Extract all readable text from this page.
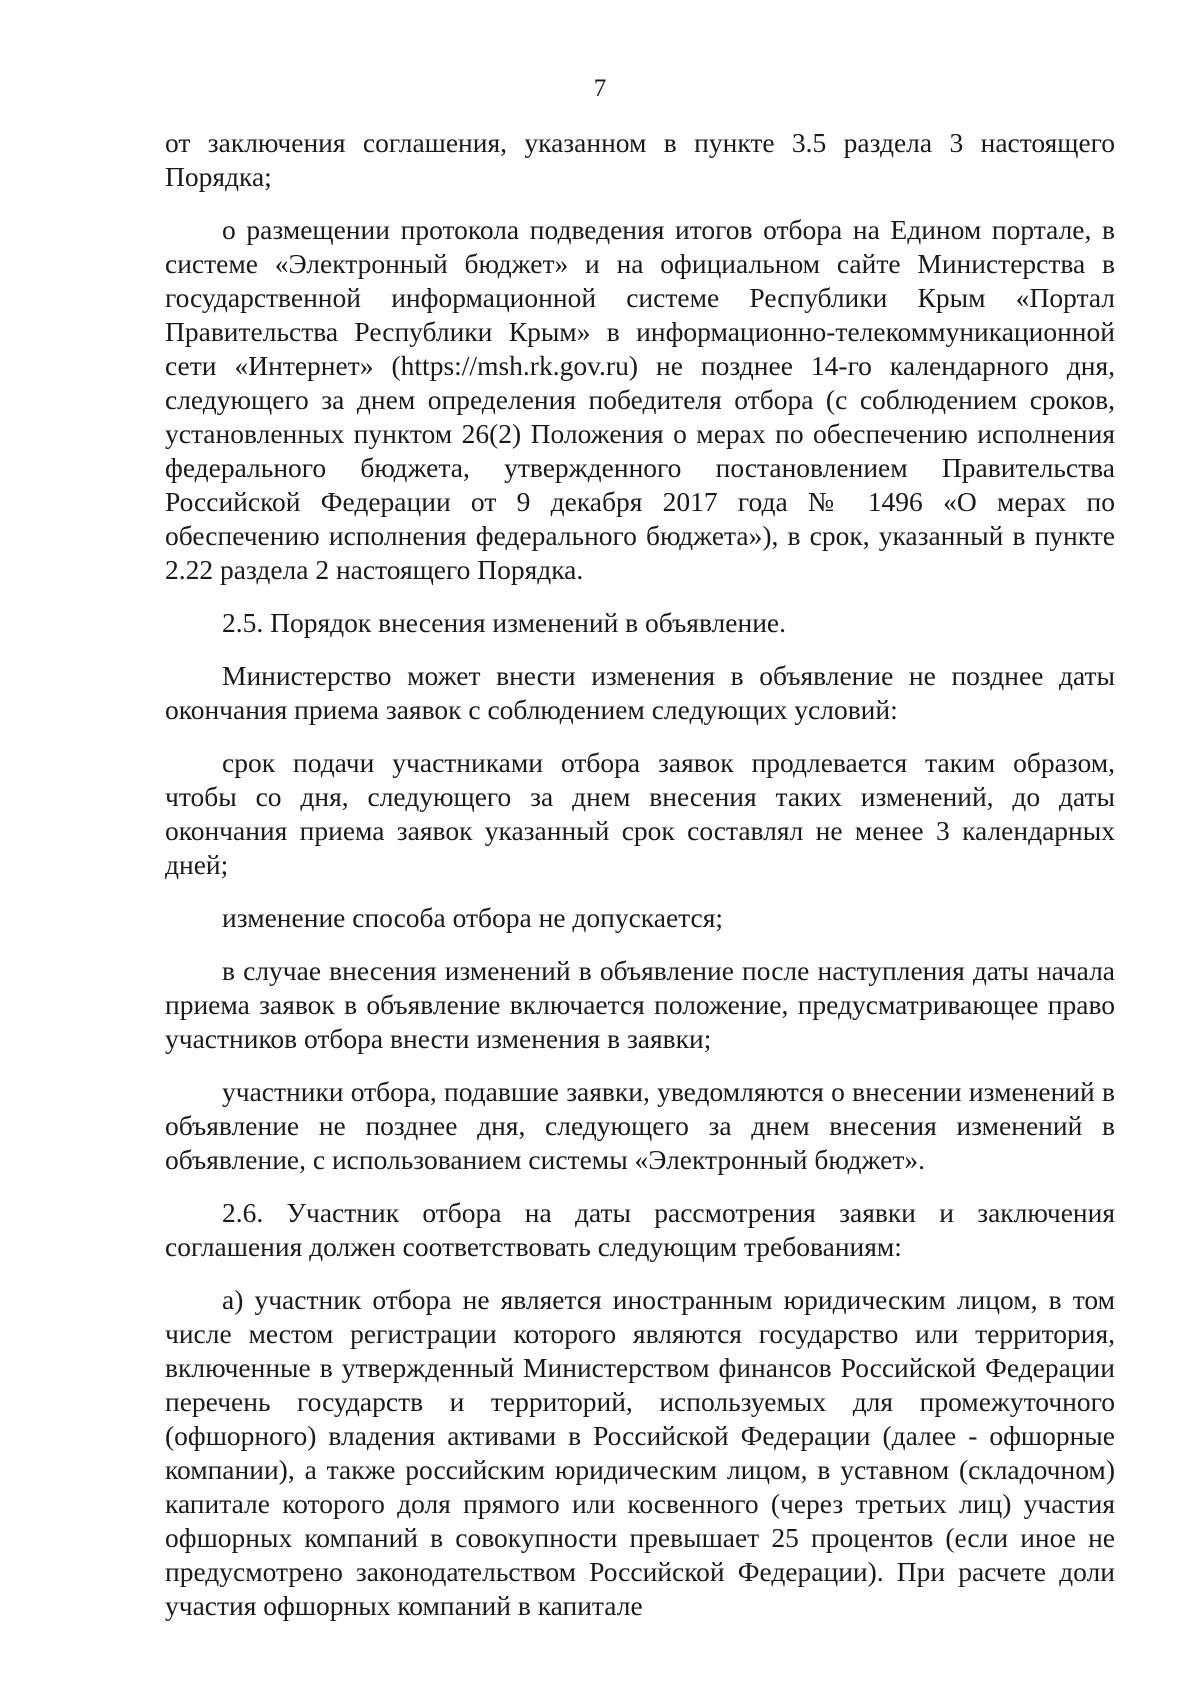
7

от заключения соглашения, указанном в пункте 3.5 раздела 3 настоящего Порядка;

о размещении протокола подведения итогов отбора на Едином портале, в системе «Электронный бюджет» и на официальном сайте Министерства в государственной информационной системе Республики Крым «Портал Правительства Республики Крым» в информационно-телекоммуникационной сети «Интернет» (https://msh.rk.gov.ru) не позднее 14-го календарного дня, следующего за днем определения победителя отбора (с соблюдением сроков, установленных пунктом 26(2) Положения о мерах по обеспечению исполнения федерального бюджета, утвержденного постановлением Правительства Российской Федерации от 9 декабря 2017 года № 1496 «О мерах по обеспечению исполнения федерального бюджета»), в срок, указанный в пункте 2.22 раздела 2 настоящего Порядка.

2.5. Порядок внесения изменений в объявление.

Министерство может внести изменения в объявление не позднее даты окончания приема заявок с соблюдением следующих условий:

срок подачи участниками отбора заявок продлевается таким образом, чтобы со дня, следующего за днем внесения таких изменений, до даты окончания приема заявок указанный срок составлял не менее 3 календарных дней;

изменение способа отбора не допускается;

в случае внесения изменений в объявление после наступления даты начала приема заявок в объявление включается положение, предусматривающее право участников отбора внести изменения в заявки;

участники отбора, подавшие заявки, уведомляются о внесении изменений в объявление не позднее дня, следующего за днем внесения изменений в объявление, с использованием системы «Электронный бюджет».

2.6. Участник отбора на даты рассмотрения заявки и заключения соглашения должен соответствовать следующим требованиям:

а) участник отбора не является иностранным юридическим лицом, в том числе местом регистрации которого являются государство или территория, включенные в утвержденный Министерством финансов Российской Федерации перечень государств и территорий, используемых для промежуточного (офшорного) владения активами в Российской Федерации (далее - офшорные компании), а также российским юридическим лицом, в уставном (складочном) капитале которого доля прямого или косвенного (через третьих лиц) участия офшорных компаний в совокупности превышает 25 процентов (если иное не предусмотрено законодательством Российской Федерации). При расчете доли участия офшорных компаний в капитале
